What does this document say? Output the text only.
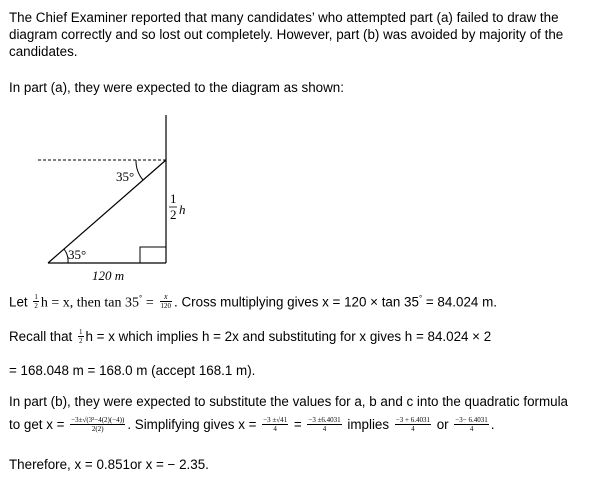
The Chief Examiner reported that many candidates’ who attempted part (a) failed to draw the diagram correctly and so lost out completely. However, part (b) was avoided by majority of the candidates.
In part (a), they were expected to the diagram as shown:
35°
35°
120 m
1
2 h
Let $\frac{1}{2}$ h = x, then $\tan 35^\circ = \frac{x}{120}$ . Cross multiplying gives x = 120 × tan 35° = 84.024 m.
Recall that $\frac{1}{2}$ h = x which implies h = 2x and substituting for x gives h = 84.024 × 2
= 168.048 m = 168.0 m (accept 168.1 m).
In part (b), they were expected to substitute the values for a, b and c into the quadratic formula
to get $x = \frac{\text{−3±√(3²−4(2)(−4))}}{2(2)}$ . Simplifying gives $x = \frac{-3 \pm√41}{4} = \frac{-3 \pm 6.4031}{4}$ implies $\frac{-3 + 6.4031}{4}$ or $\frac{-3- 6.4031}{4}$ .
Therefore, x = 0.851or x = − 2.35.
